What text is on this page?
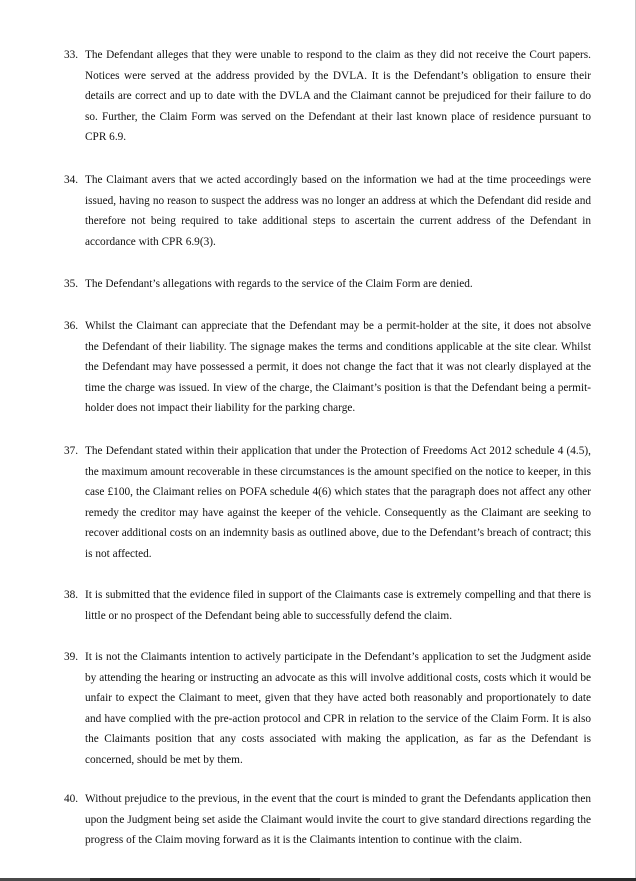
33. The Defendant alleges that they were unable to respond to the claim as they did not receive the Court papers. Notices were served at the address provided by the DVLA. It is the Defendant’s obligation to ensure their details are correct and up to date with the DVLA and the Claimant cannot be prejudiced for their failure to do so. Further, the Claim Form was served on the Defendant at their last known place of residence pursuant to CPR 6.9.
34. The Claimant avers that we acted accordingly based on the information we had at the time proceedings were issued, having no reason to suspect the address was no longer an address at which the Defendant did reside and therefore not being required to take additional steps to ascertain the current address of the Defendant in accordance with CPR 6.9(3).
35. The Defendant’s allegations with regards to the service of the Claim Form are denied.
36. Whilst the Claimant can appreciate that the Defendant may be a permit-holder at the site, it does not absolve the Defendant of their liability. The signage makes the terms and conditions applicable at the site clear. Whilst the Defendant may have possessed a permit, it does not change the fact that it was not clearly displayed at the time the charge was issued. In view of the charge, the Claimant’s position is that the Defendant being a permit-holder does not impact their liability for the parking charge.
37. The Defendant stated within their application that under the Protection of Freedoms Act 2012 schedule 4 (4.5), the maximum amount recoverable in these circumstances is the amount specified on the notice to keeper, in this case £100, the Claimant relies on POFA schedule 4(6) which states that the paragraph does not affect any other remedy the creditor may have against the keeper of the vehicle. Consequently as the Claimant are seeking to recover additional costs on an indemnity basis as outlined above, due to the Defendant’s breach of contract; this is not affected.
38. It is submitted that the evidence filed in support of the Claimants case is extremely compelling and that there is little or no prospect of the Defendant being able to successfully defend the claim.
39. It is not the Claimants intention to actively participate in the Defendant’s application to set the Judgment aside by attending the hearing or instructing an advocate as this will involve additional costs, costs which it would be unfair to expect the Claimant to meet, given that they have acted both reasonably and proportionately to date and have complied with the pre-action protocol and CPR in relation to the service of the Claim Form. It is also the Claimants position that any costs associated with making the application, as far as the Defendant is concerned, should be met by them.
40. Without prejudice to the previous, in the event that the court is minded to grant the Defendants application then upon the Judgment being set aside the Claimant would invite the court to give standard directions regarding the progress of the Claim moving forward as it is the Claimants intention to continue with the claim.
